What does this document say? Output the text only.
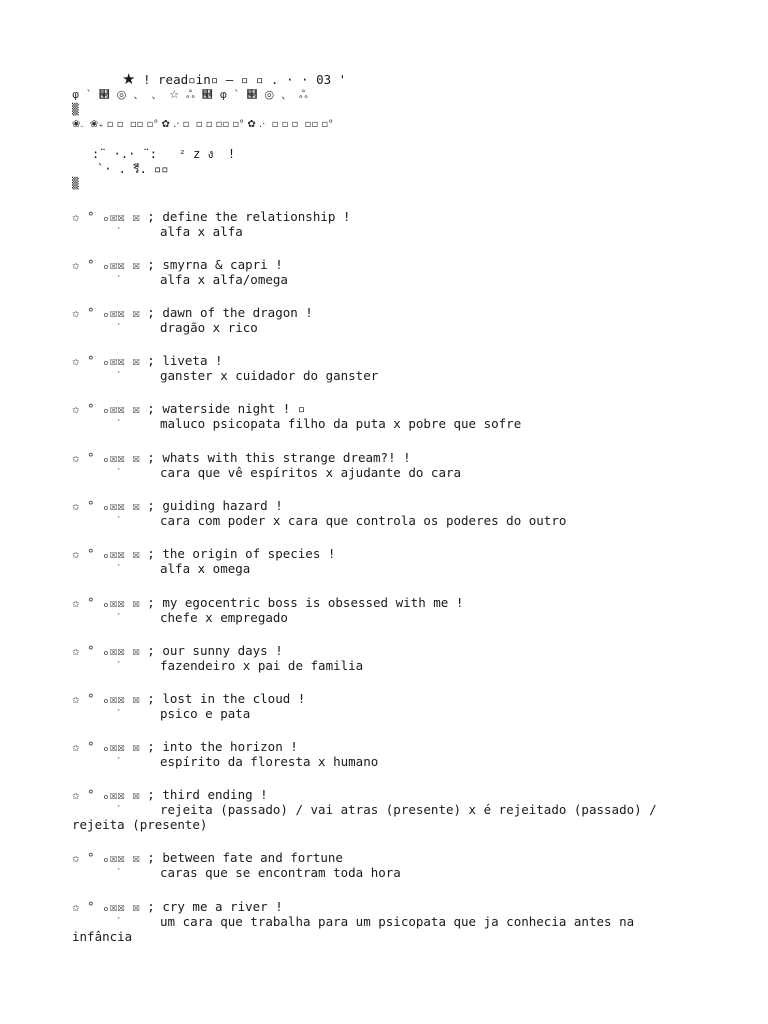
★ ! read▫in▫ — ▫ ▫ . · · 03 '
φ  ˋ  ๢  ◎  、  、  ☆  ஃ  ๥  φ  ˋ  ๢  ◎  、  ஃ
▒
❀.  ❀₊ ▫ ▫  ▫▫ ▫° ✿ .· ▫  ▫ ▫ ▫▫ ▫° ✿ .·  ▫ ▫ ▫  ▫▫ ▫°
:¨ ·.· ¨:   ᶻ z ง  !
`· . รี. ▫▫
▒
✩ ° ₒ☒☒ ☒ ; define the relationship !
·	alfa x alfa
✩ ° ₒ☒☒ ☒ ; smyrna & capri !
·	alfa x alfa/omega
✩ ° ₒ☒☒ ☒ ; dawn of the dragon !
·	dragão x rico
✩ ° ₒ☒☒ ☒ ; liveta !
·	ganster x cuidador do ganster
✩ ° ₒ☒☒ ☒ ; waterside night ! ▫
·	maluco psicopata filho da puta x pobre que sofre
✩ ° ₒ☒☒ ☒ ; whats with this strange dream?! !
·	cara que vê espíritos x ajudante do cara
✩ ° ₒ☒☒ ☒ ; guiding hazard !
·	cara com poder x cara que controla os poderes do outro
✩ ° ₒ☒☒ ☒ ; the origin of species !
·	alfa x omega
✩ ° ₒ☒☒ ☒ ; my egocentric boss is obsessed with me !
·	chefe x empregado
✩ ° ₒ☒☒ ☒ ; our sunny days !
·	fazendeiro x pai de familia
✩ ° ₒ☒☒ ☒ ; lost in the cloud !
·	psico e pata
✩ ° ₒ☒☒ ☒ ; into the horizon !
·	espírito da floresta x humano
✩ ° ₒ☒☒ ☒ ; third ending !
·	rejeita (passado) / vai atras (presente) x é rejeitado (passado) /
rejeita (presente)
✩ ° ₒ☒☒ ☒ ; between fate and fortune
·	caras que se encontram toda hora
✩ ° ₒ☒☒ ☒ ; cry me a river !
·	um cara que trabalha para um psicopata que ja conhecia antes na
infância
